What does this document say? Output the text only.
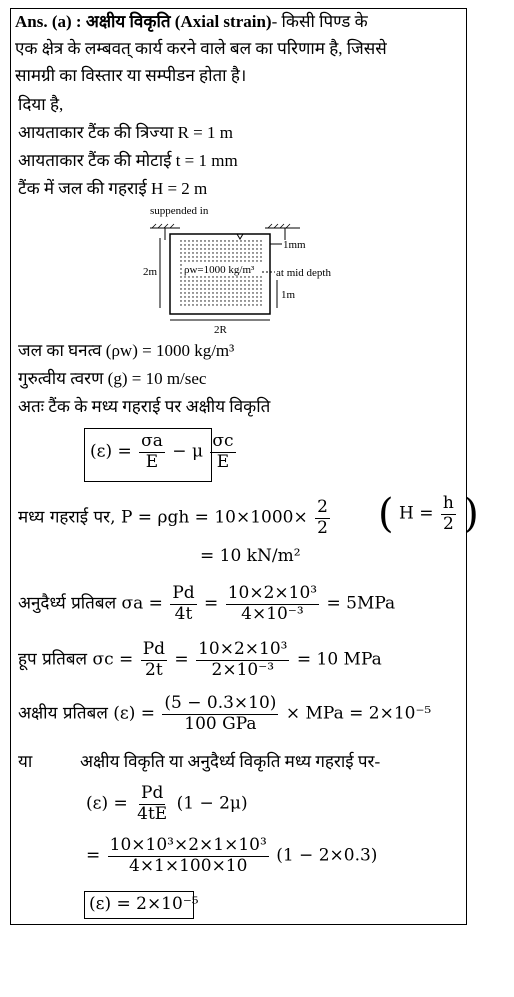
Ans. (a) : अक्षीय विकृति (Axial strain)- किसी पिण्ड के
एक क्षेत्र के लम्बवत् कार्य करने वाले बल का परिणाम है, जिससे
सामग्री का विस्तार या सम्पीडन होता है।
दिया है,
आयताकार टैंक की त्रिज्या R = 1 m
आयताकार टैंक की मोटाई t = 1 mm
टैंक में जल की गहराई H = 2 m
suppended in
1mm
2m ρw=1000 kg/m³ at mid depth
1m
2R
जल का घनत्व (ρw) = 1000 kg/m³
गुरुत्वीय त्वरण (g) = 10 m/sec
अतः टैंक के मध्य गहराई पर अक्षीय विकृति
$(\varepsilon) = \frac{\sigma a}{E} - \mu \frac{\sigma c}{E}$
मध्य गहराई पर, $P = \rho gh = 10\times 1000\times \frac{2}{2}$ ( $H = \frac{h}{2}$ )
= 10 kN/m²
अनुदैर्ध्य प्रतिबल $\sigma a = \frac{Pd}{4t} = \frac{\text{10×2×10³}}{\text{4×10⁻³}} = 5MPa$
हूप प्रतिबल $\sigma c = \frac{Pd}{2t} = \frac{\text{10×2×10³}}{\text{2×10⁻³}} = 10$ MPa
अक्षीय प्रतिबल $(\varepsilon) = \frac{(5 - 0.3\times 10)}{\text{100 GPa}}$ × MPa = 2×10⁻⁵
या	अक्षीय विकृति या अनुदैर्ध्य विकृति मध्य गहराई पर-
$(\varepsilon) = \frac{Pd}{4tE} (1 - 2\mu)$
= $\frac{\text{10×10³×2×1×10³}}{4\times 1\times 100\times 10} (1 - 2\times 0.3)$
(ε) = 2×10⁻⁵
